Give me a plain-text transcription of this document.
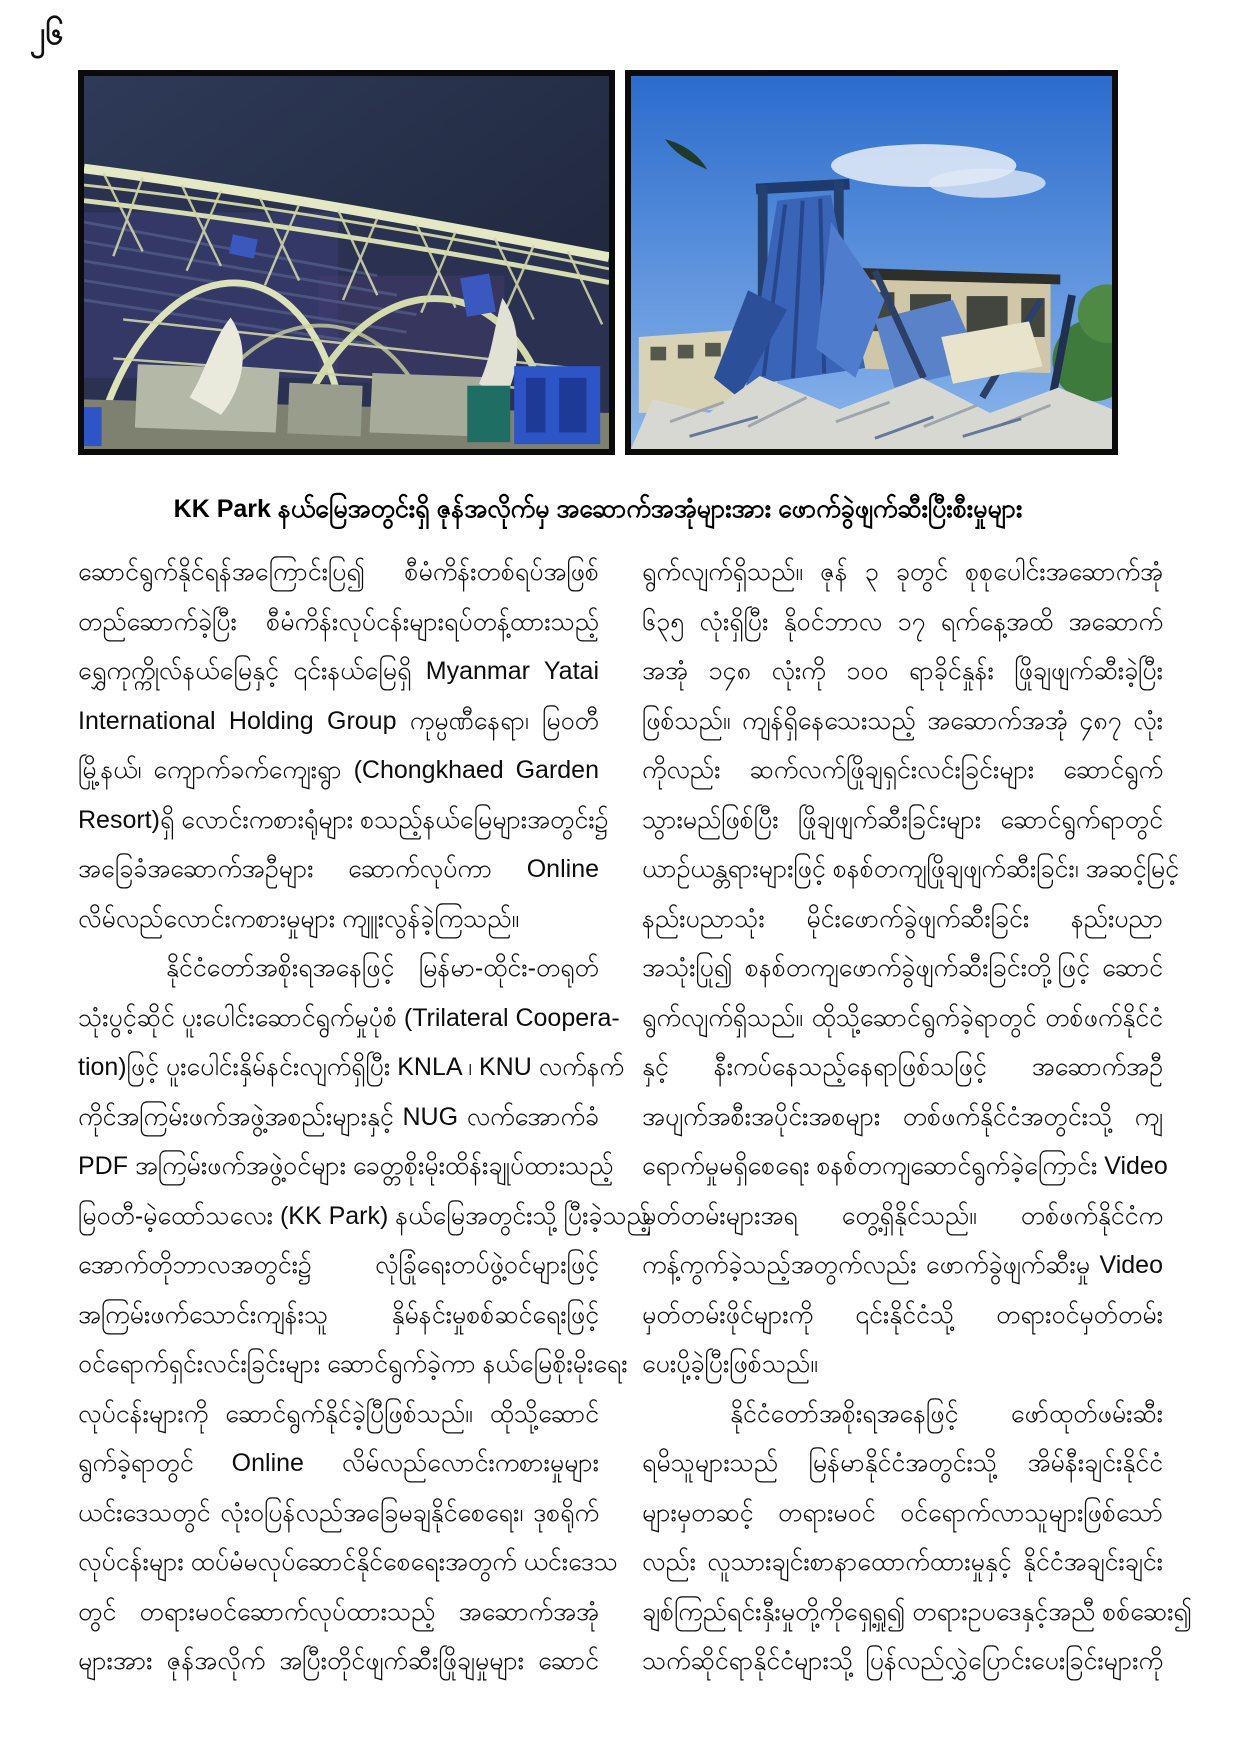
၂၆
KK Park နယ်မြေအတွင်းရှိ ဇုန်အလိုက်မှ အဆောက်အအုံများအား ဖောက်ခွဲဖျက်ဆီးပြီးစီးမှုများ
ဆောင်ရွက်နိုင်ရန်အကြောင်းပြ၍ စီမံကိန်းတစ်ရပ်အဖြစ်
တည်ဆောက်ခဲ့ပြီး စီမံကိန်းလုပ်ငန်းများရပ်တန့်ထားသည့်
ရွှေကုက္ကိုလ်နယ်မြေနှင့် ၎င်းနယ်မြေရှိ Myanmar Yatai
International Holding Group ကုမ္ပဏီနေရာ၊ မြဝတီ
မြို့နယ်၊ ကျောက်ခက်ကျေးရွာ (Chongkhaed Garden
Resort)ရှိ လောင်းကစားရုံများ စသည့်နယ်မြေများအတွင်း၌
အခြေခံအဆောက်အဦများ ဆောက်လုပ်ကာ Online
လိမ်လည်လောင်းကစားမှုများ ကျူးလွန်ခဲ့ကြသည်။
နိုင်ငံတော်အစိုးရအနေဖြင့် မြန်မာ-ထိုင်း-တရုတ်
သုံးပွင့်ဆိုင် ပူးပေါင်းဆောင်ရွက်မှုပုံစံ (Trilateral Coopera-
tion)ဖြင့် ပူးပေါင်းနှိမ်နင်းလျက်ရှိပြီး KNLA ၊ KNU လက်နက်
ကိုင်အကြမ်းဖက်အဖွဲ့အစည်းများနှင့် NUG လက်အောက်ခံ
PDF အကြမ်းဖက်အဖွဲ့ဝင်များ ခေတ္တစိုးမိုးထိန်းချုပ်ထားသည့်
မြဝတီ-မဲ့ထော်သလေး (KK Park) နယ်မြေအတွင်းသို့ ပြီးခဲ့သည့်
အောက်တိုဘာလအတွင်း၌ လုံခြုံရေးတပ်ဖွဲ့ဝင်များဖြင့်
အကြမ်းဖက်သောင်းကျန်းသူ နှိမ်နင်းမှုစစ်ဆင်ရေးဖြင့်
ဝင်ရောက်ရှင်းလင်းခြင်းများ ဆောင်ရွက်ခဲ့ကာ နယ်မြေစိုးမိုးရေး
လုပ်ငန်းများကို ဆောင်ရွက်နိုင်ခဲ့ပြီဖြစ်သည်။ ထိုသို့ဆောင်
ရွက်ခဲ့ရာတွင် Online လိမ်လည်လောင်းကစားမှုများ
ယင်းဒေသတွင် လုံးဝပြန်လည်အခြေမချနိုင်စေရေး၊ ဒုစရိုက်
လုပ်ငန်းများ ထပ်မံမလုပ်ဆောင်နိုင်စေရေးအတွက် ယင်းဒေသ
တွင် တရားမဝင်ဆောက်လုပ်ထားသည့် အဆောက်အအုံ
များအား ဇုန်အလိုက် အပြီးတိုင်ဖျက်ဆီးဖြိုချမှုများ ဆောင်
ရွက်လျက်ရှိသည်။ ဇုန် ၃ ခုတွင် စုစုပေါင်းအဆောက်အုံ
၆၃၅ လုံးရှိပြီး နိုဝင်ဘာလ ၁၇ ရက်နေ့အထိ အဆောက်
အအုံ ၁၄၈ လုံးကို ၁၀၀ ရာခိုင်နှုန်း ဖြိုချဖျက်ဆီးခဲ့ပြီး
ဖြစ်သည်။ ကျန်ရှိနေသေးသည့် အဆောက်အအုံ ၄၈၇ လုံး
ကိုလည်း ဆက်လက်ဖြိုချရှင်းလင်းခြင်းများ ဆောင်ရွက်
သွားမည်ဖြစ်ပြီး ဖြိုချဖျက်ဆီးခြင်းများ ဆောင်ရွက်ရာတွင်
ယာဉ်ယန္တရားများဖြင့် စနစ်တကျဖြိုချဖျက်ဆီးခြင်း၊ အဆင့်မြင့်
နည်းပညာသုံး မိုင်းဖောက်ခွဲဖျက်ဆီးခြင်း နည်းပညာ
အသုံးပြု၍ စနစ်တကျဖောက်ခွဲဖျက်ဆီးခြင်းတို့ဖြင့် ဆောင်
ရွက်လျက်ရှိသည်။ ထိုသို့ဆောင်ရွက်ခဲ့ရာတွင် တစ်ဖက်နိုင်ငံ
နှင့် နီးကပ်နေသည့်နေရာဖြစ်သဖြင့် အဆောက်အဦ
အပျက်အစီးအပိုင်းအစများ တစ်ဖက်နိုင်ငံအတွင်းသို့ ကျ
ရောက်မှုမရှိစေရေး စနစ်တကျဆောင်ရွက်ခဲ့ကြောင်း Video
မှတ်တမ်းများအရ တွေ့ရှိနိုင်သည်။ တစ်ဖက်နိုင်ငံက
ကန့်ကွက်ခဲ့သည့်အတွက်လည်း ဖောက်ခွဲဖျက်ဆီးမှု Video
မှတ်တမ်းဖိုင်များကို ၎င်းနိုင်ငံသို့ တရားဝင်မှတ်တမ်း
ပေးပို့ခဲ့ပြီးဖြစ်သည်။
နိုင်ငံတော်အစိုးရအနေဖြင့် ဖော်ထုတ်ဖမ်းဆီး
ရမိသူများသည် မြန်မာနိုင်ငံအတွင်းသို့ အိမ်နီးချင်းနိုင်ငံ
များမှတဆင့် တရားမဝင် ဝင်ရောက်လာသူများဖြစ်သော်
လည်း လူသားချင်းစာနာထောက်ထားမှုနှင့် နိုင်ငံအချင်းချင်း
ချစ်ကြည်ရင်းနှီးမှုတို့ကိုရှေ့ရှု၍ တရားဥပဒေနှင့်အညီ စစ်ဆေး၍
သက်ဆိုင်ရာနိုင်ငံများသို့ ပြန်လည်လွှဲပြောင်းပေးခြင်းများကို
